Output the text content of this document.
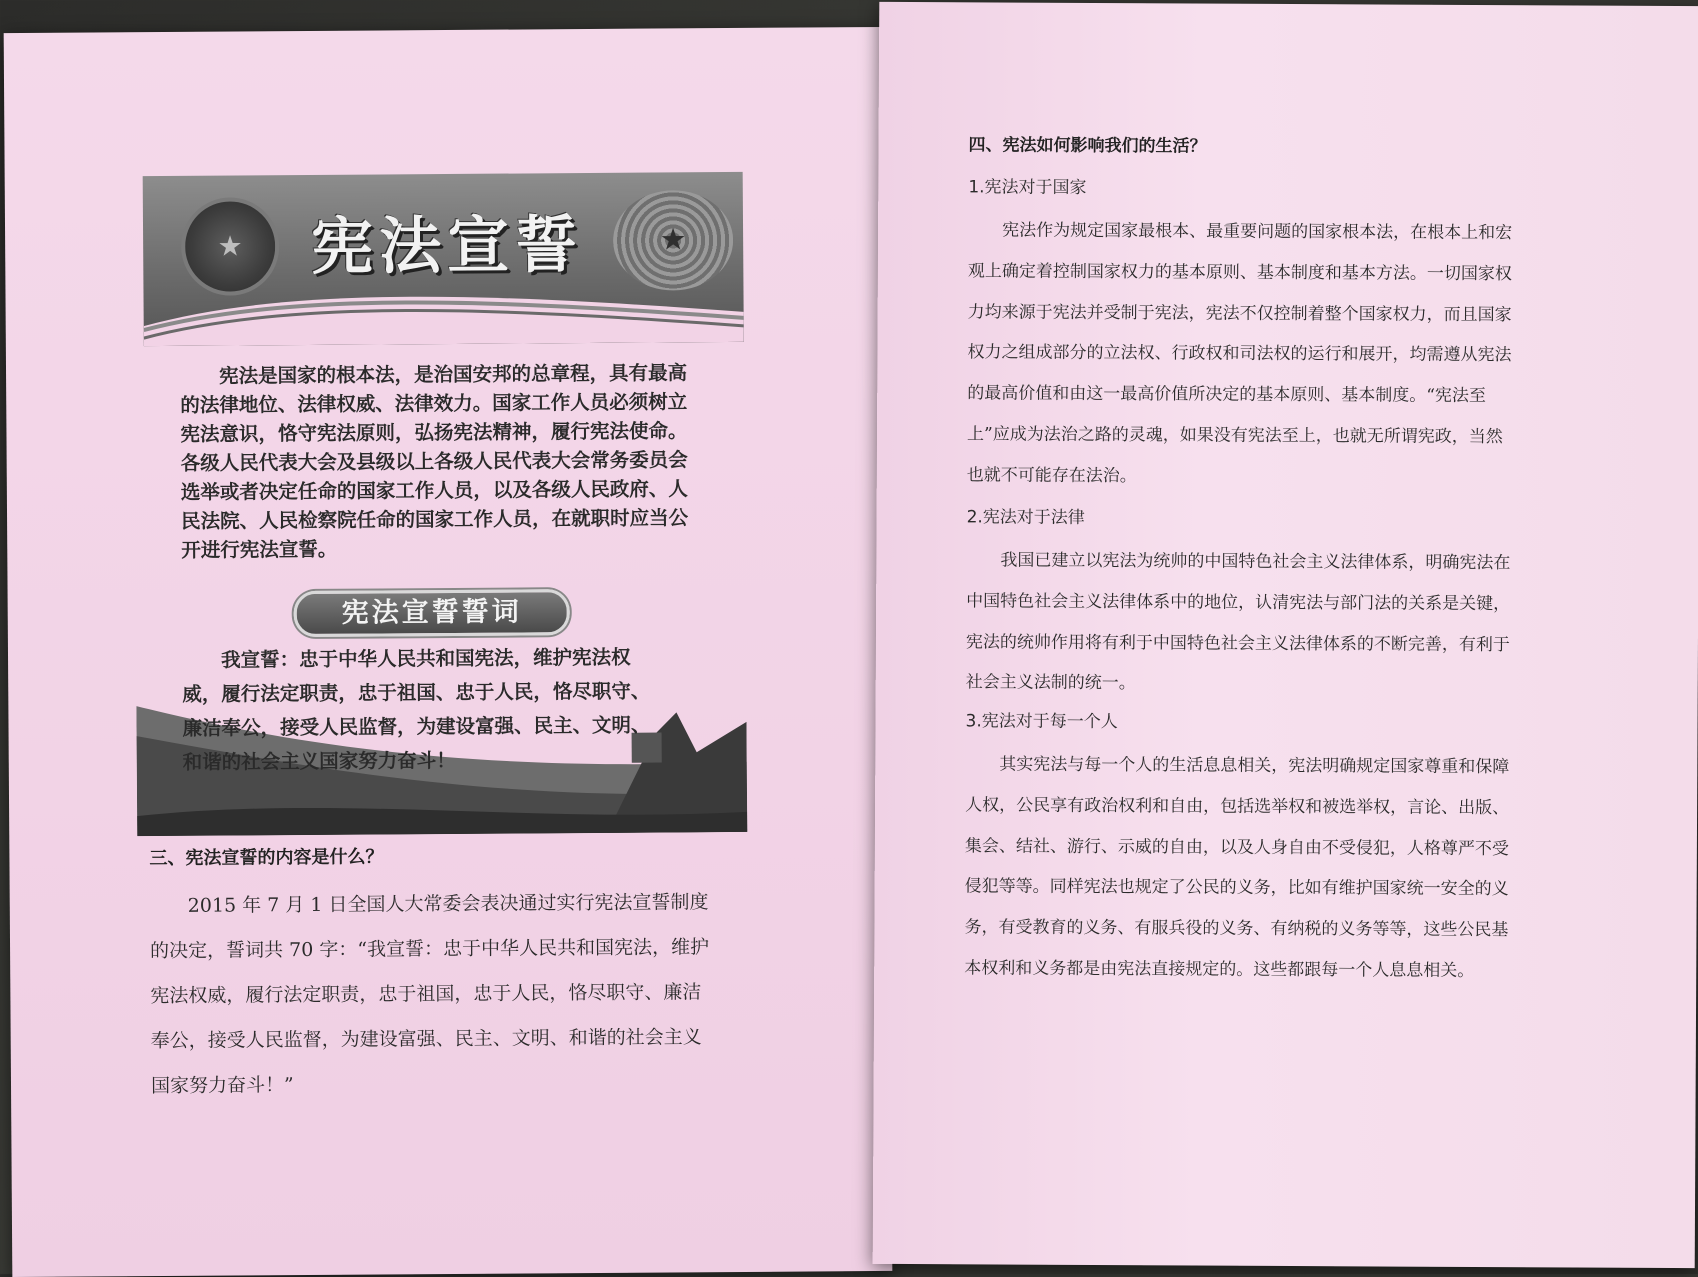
★	宪法宣誓	★

宪法是国家的根本法，是治国安邦的总章程，具有最高的法律地位、法律权威、法律效力。国家工作人员必须树立宪法意识，恪守宪法原则，弘扬宪法精神，履行宪法使命。各级人民代表大会及县级以上各级人民代表大会常务委员会选举或者决定任命的国家工作人员，以及各级人民政府、人民法院、人民检察院任命的国家工作人员，在就职时应当公开进行宪法宣誓。

宪法宣誓誓词

我宣誓：忠于中华人民共和国宪法，维护宪法权威，履行法定职责，忠于祖国、忠于人民，恪尽职守、廉洁奉公，接受人民监督，为建设富强、民主、文明、和谐的社会主义国家努力奋斗！

三、宪法宣誓的内容是什么？

2015 年 7 月 1 日全国人大常委会表决通过实行宪法宣誓制度的决定，誓词共 70 字：“我宣誓：忠于中华人民共和国宪法，维护宪法权威，履行法定职责，忠于祖国，忠于人民，恪尽职守、廉洁奉公，接受人民监督，为建设富强、民主、文明、和谐的社会主义国家努力奋斗！”

四、宪法如何影响我们的生活？

1.宪法对于国家

宪法作为规定国家最根本、最重要问题的国家根本法，在根本上和宏观上确定着控制国家权力的基本原则、基本制度和基本方法。一切国家权力均来源于宪法并受制于宪法，宪法不仅控制着整个国家权力，而且国家权力之组成部分的立法权、行政权和司法权的运行和展开，均需遵从宪法的最高价值和由这一最高价值所决定的基本原则、基本制度。“宪法至上”应成为法治之路的灵魂，如果没有宪法至上，也就无所谓宪政，当然也就不可能存在法治。

2.宪法对于法律

我国已建立以宪法为统帅的中国特色社会主义法律体系，明确宪法在中国特色社会主义法律体系中的地位，认清宪法与部门法的关系是关键，宪法的统帅作用将有利于中国特色社会主义法律体系的不断完善，有利于社会主义法制的统一。

3.宪法对于每一个人

其实宪法与每一个人的生活息息相关，宪法明确规定国家尊重和保障人权，公民享有政治权利和自由，包括选举权和被选举权，言论、出版、集会、结社、游行、示威的自由，以及人身自由不受侵犯，人格尊严不受侵犯等等。同样宪法也规定了公民的义务，比如有维护国家统一安全的义务，有受教育的义务、有服兵役的义务、有纳税的义务等等，这些公民基本权利和义务都是由宪法直接规定的。这些都跟每一个人息息相关。
